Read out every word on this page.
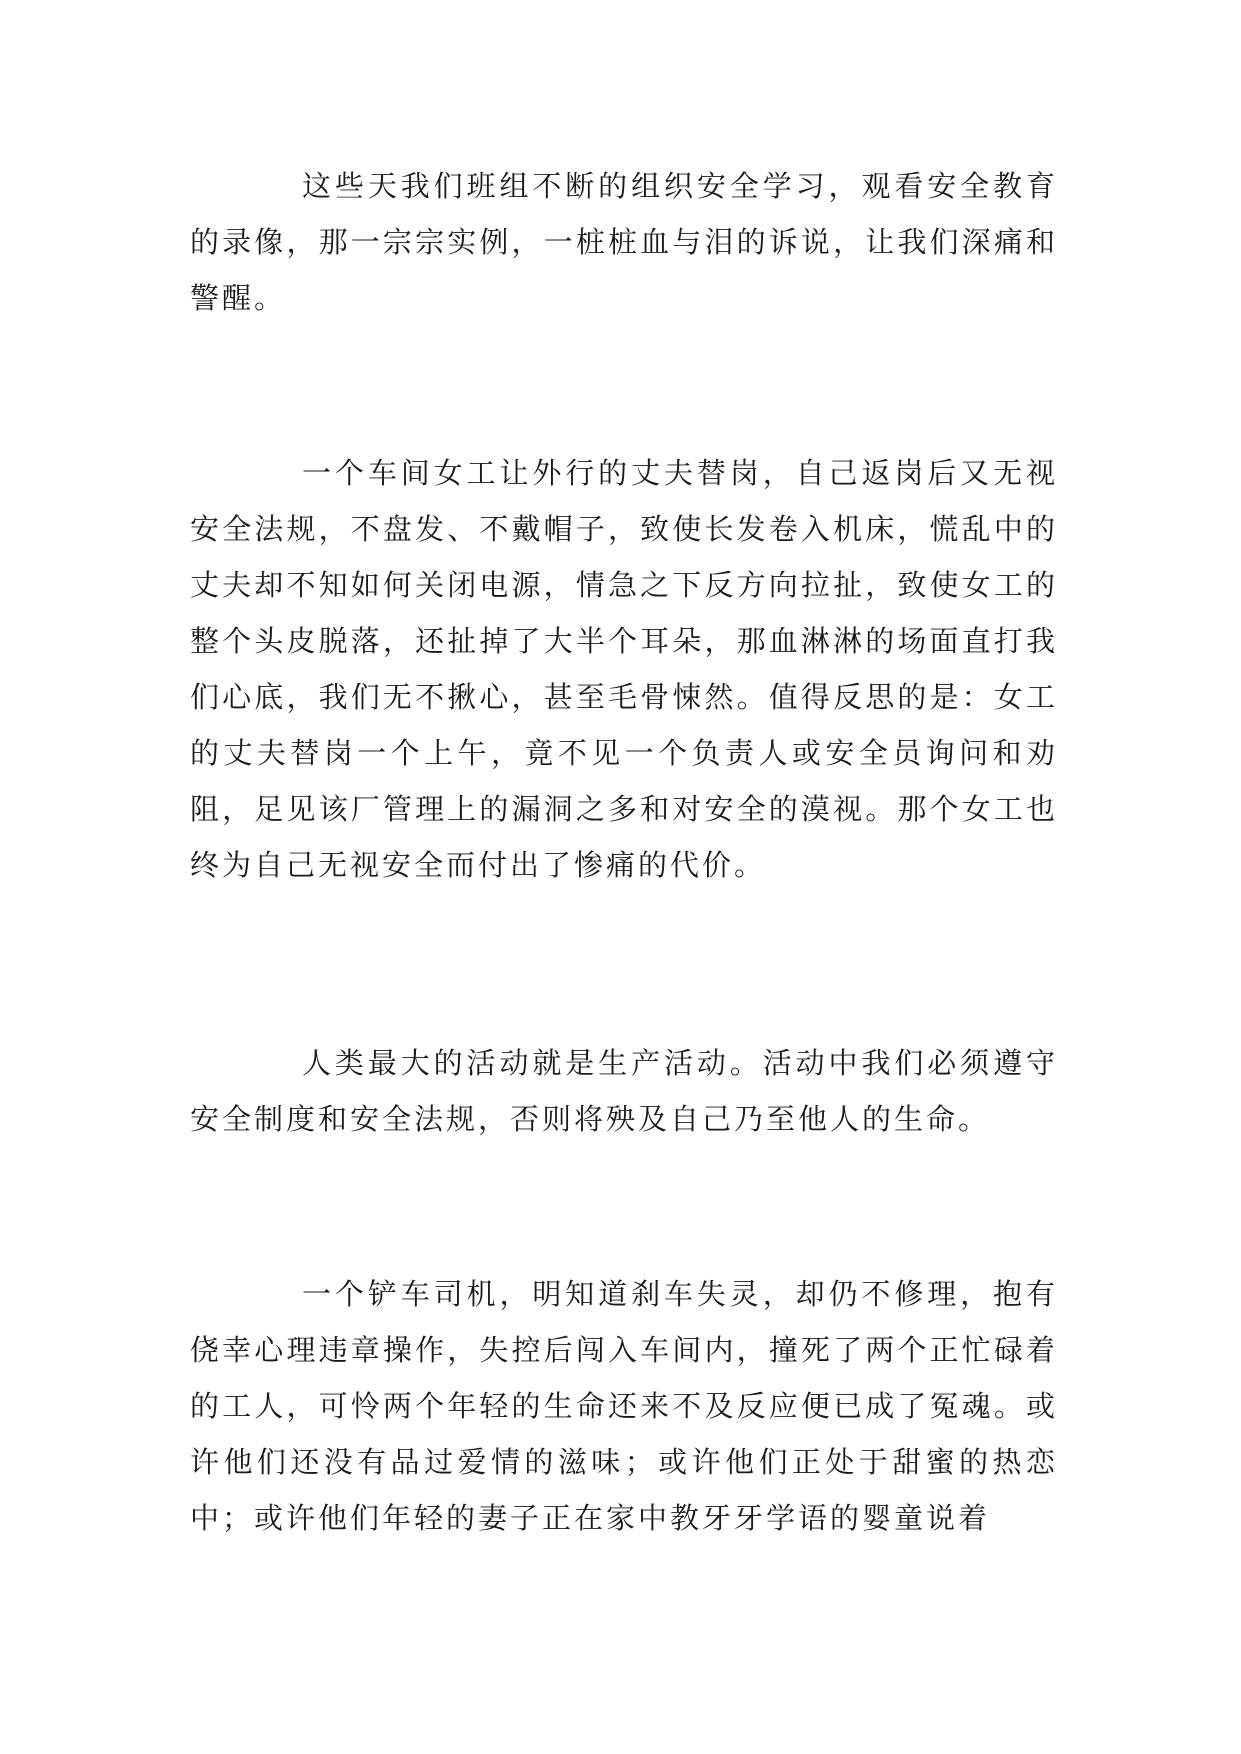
这些天我们班组不断的组织安全学习，观看安全教育的录像，那一宗宗实例，一桩桩血与泪的诉说，让我们深痛和警醒。

一个车间女工让外行的丈夫替岗，自己返岗后又无视安全法规，不盘发、不戴帽子，致使长发卷入机床，慌乱中的丈夫却不知如何关闭电源，情急之下反方向拉扯，致使女工的整个头皮脱落，还扯掉了大半个耳朵，那血淋淋的场面直打我们心底，我们无不揪心，甚至毛骨悚然。值得反思的是：女工的丈夫替岗一个上午，竟不见一个负责人或安全员询问和劝阻，足见该厂管理上的漏洞之多和对安全的漠视。那个女工也终为自己无视安全而付出了惨痛的代价。

人类最大的活动就是生产活动。活动中我们必须遵守安全制度和安全法规，否则将殃及自己乃至他人的生命。

一个铲车司机，明知道刹车失灵，却仍不修理，抱有侥幸心理违章操作，失控后闯入车间内，撞死了两个正忙碌着的工人，可怜两个年轻的生命还来不及反应便已成了冤魂。或许他们还没有品过爱情的滋味；或许他们正处于甜蜜的热恋中；或许他们年轻的妻子正在家中教牙牙学语的婴童说着
